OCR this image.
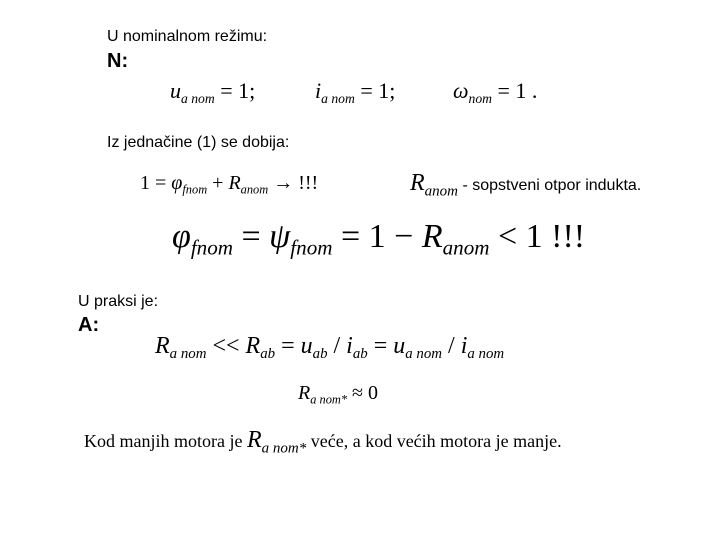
U nominalnom režimu:
N:
$u_{a nom} = 1$;	$i_{a nom} = 1$;	$\omega_{nom} = 1$ .
Iz jednačine (1) se dobija:
$1 = \varphi_{fnom} + R_{anom}$ → !!!	$R_{anom}$ - sopstveni otpor indukta.
$\varphi_{fnom} = \psi_{fnom} = 1 - R_{anom} < 1$ !!!
U praksi je:
A:
$R_{a nom} << R_{ab} = u_{ab} / i_{ab} = u_{a nom} / i_{a nom}$
$R_{a nom*} \approx 0$
Kod manjih motora je $R_{a nom*}$ veće, a kod većih motora je manje.
